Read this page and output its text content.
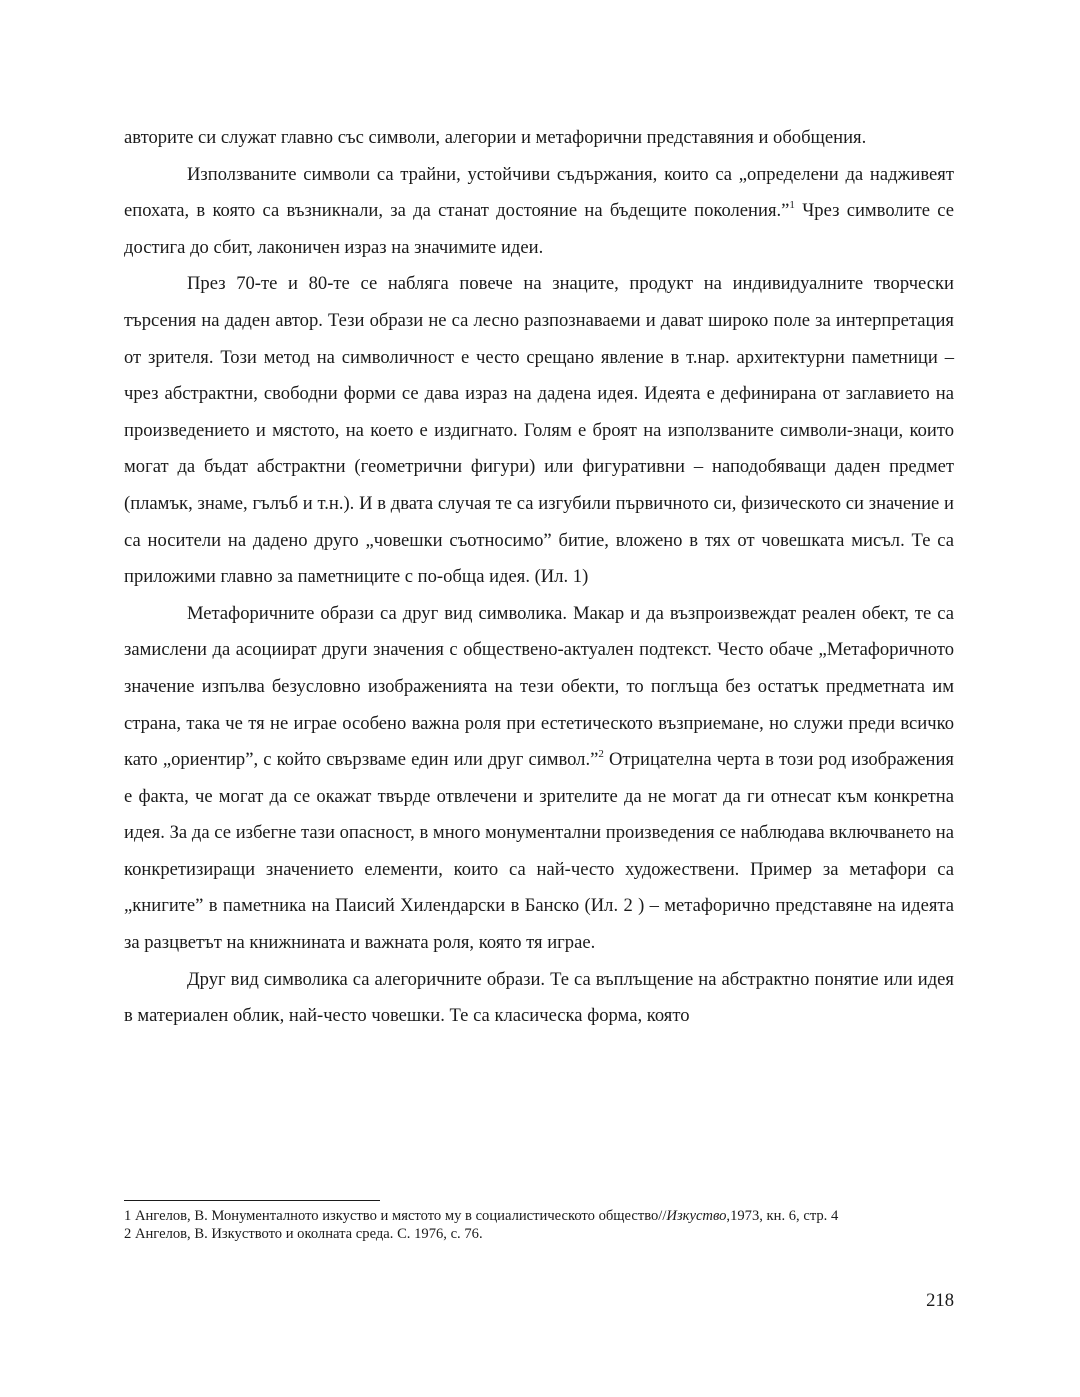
авторите си служат главно със символи, алегории и метафорични представяния и обобщения.

Използваните символи са трайни, устойчиви съдържания, които са „определени да надживеят епохата, в която са възникнали, за да станат достояние на бъдещите поколения.”$^1$ Чрез символите се достига до сбит, лаконичен израз на значимите идеи.

През 70-те и 80-те се набляга повече на знаците, продукт на индивидуалните творчески търсения на даден автор. Тези образи не са лесно разпознаваеми и дават широко поле за интерпретация от зрителя. Този метод на символичност е често срещано явление в т.нар. архитектурни паметници – чрез абстрактни, свободни форми се дава израз на дадена идея. Идеята е дефинирана от заглавието на произведението и мястото, на което е издигнато. Голям е броят на използваните символи-знаци, които могат да бъдат абстрактни (геометрични фигури) или фигуративни – наподобяващи даден предмет (пламък, знаме, гълъб и т.н.). И в двата случая те са изгубили първичното си, физическото си значение и са носители на дадено друго „човешки съотносимо” битие, вложено в тях от човешката мисъл. Те са приложими главно за паметниците с по-обща идея. (Ил. 1)

Метафоричните образи са друг вид символика. Макар и да възпроизвеждат реален обект, те са замислени да асоциират други значения с обществено-актуален подтекст. Често обаче „Метафоричното значение изпълва безусловно изображенията на тези обекти, то поглъща без остатък предметната им страна, така че тя не играе особено важна роля при естетическото възприемане, но служи преди всичко като „ориентир”, с който свързваме един или друг символ.”$^2$ Отрицателна черта в този род изображения е факта, че могат да се окажат твърде отвлечени и зрителите да не могат да ги отнесат към конкретна идея. За да се избегне тази опасност, в много монументални произведения се наблюдава включването на конкретизиращи значението елементи, които са най-често художествени. Пример за метафори са „книгите” в паметника на Паисий Хилендарски в Банско (Ил. 2 ) – метафорично представяне на идеята за разцветът на книжнината и важната роля, която тя играе.

Друг вид символика са алегоричните образи. Те са въплъщение на абстрактно понятие или идея в материален облик, най-често човешки. Те са класическа форма, която

1 Ангелов, В. Монументалното изкуство и мястото му в социалистическото общество//Изкуство,1973, кн. 6, стр. 4

2 Ангелов, В. Изкуството и околната среда. С. 1976, с. 76.

218
